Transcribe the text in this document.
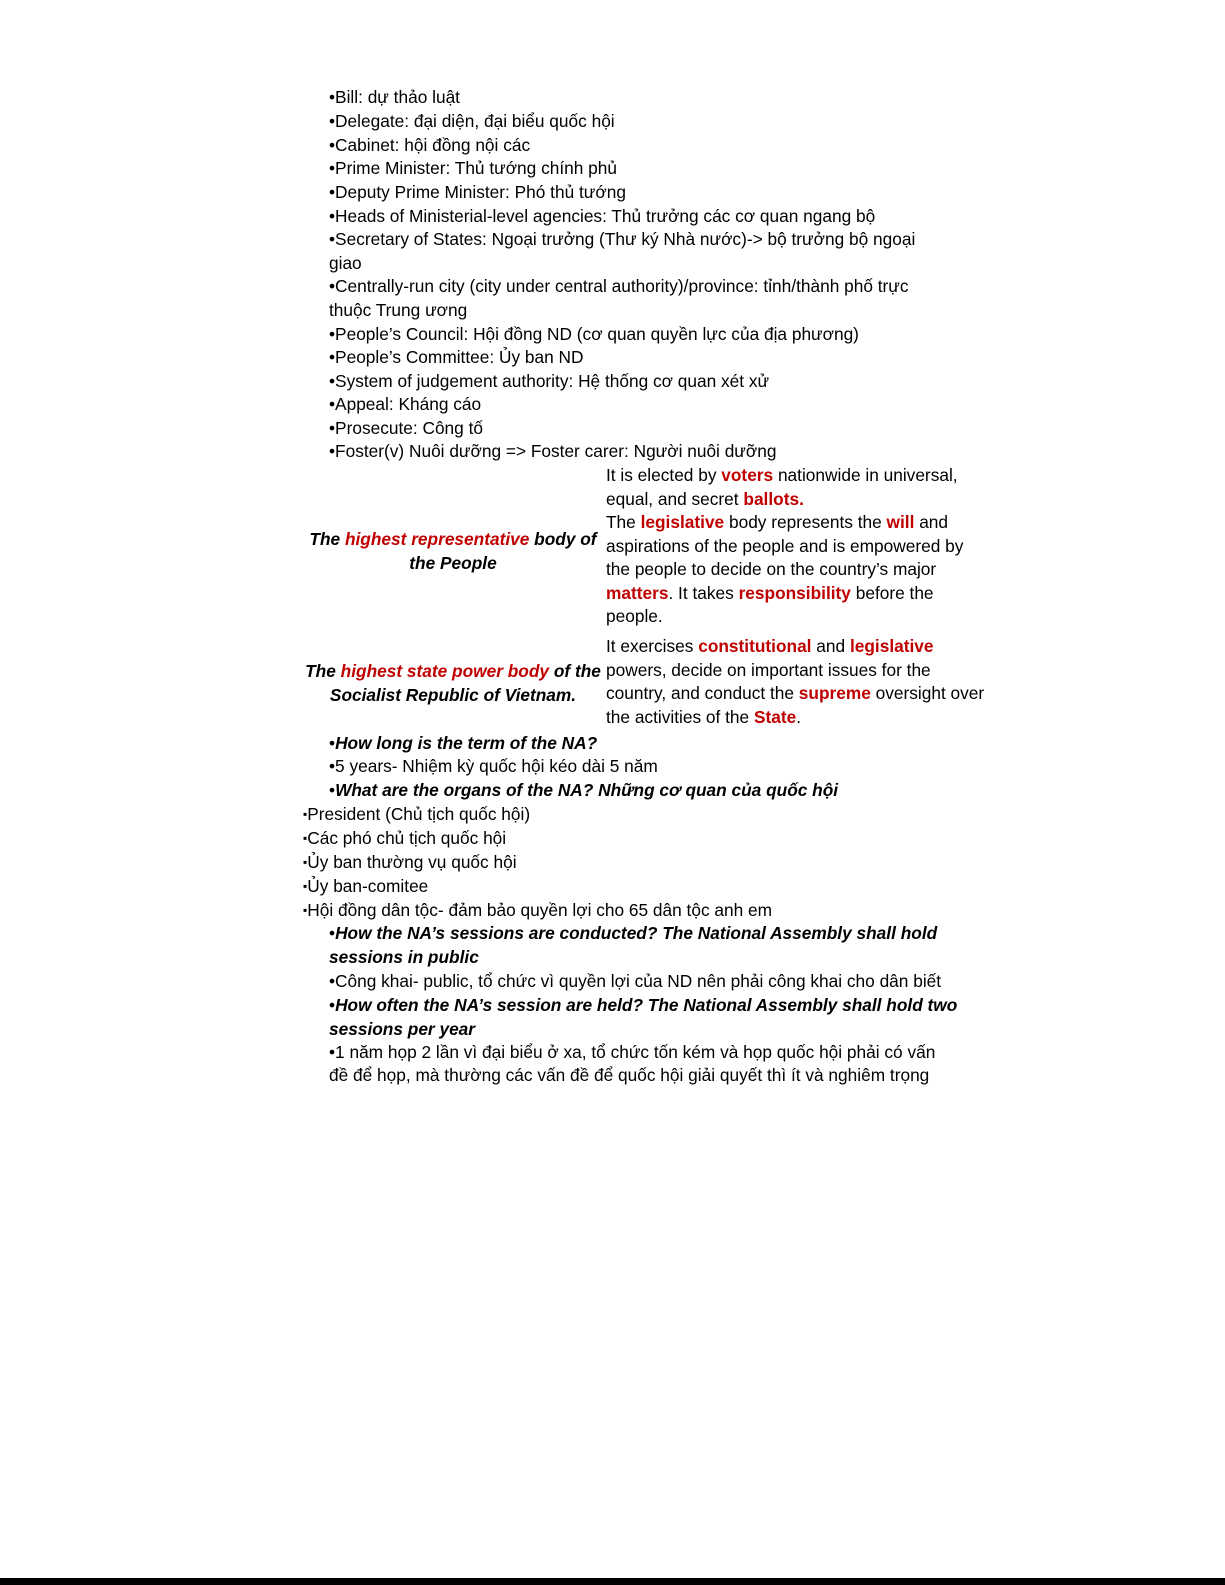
•Bill: dự thảo luật
•Delegate: đại diện, đại biểu quốc hội
•Cabinet: hội đồng nội các
•Prime Minister: Thủ tướng chính phủ
•Deputy Prime Minister: Phó thủ tướng
•Heads of Ministerial-level agencies: Thủ trưởng các cơ quan ngang bộ
•Secretary of States: Ngoại trưởng (Thư ký Nhà nước)-> bộ trưởng bộ ngoại
giao
•Centrally-run city (city under central authority)/province: tỉnh/thành phố trực
thuộc Trung ương
•People’s Council: Hội đồng ND (cơ quan quyền lực của địa phương)
•People’s Committee: Ủy ban ND
•System of judgement authority: Hệ thống cơ quan xét xử
•Appeal: Kháng cáo
•Prosecute: Công tố
•Foster(v) Nuôi dưỡng => Foster carer: Người nuôi dưỡng
The highest representative body of
the People
It is elected by voters nationwide in universal, equal, and secret ballots.
The legislative body represents the will and aspirations of the people and is empowered by the people to decide on the country’s major matters. It takes responsibility before the people.
The highest state power body of the
Socialist Republic of Vietnam.
It exercises constitutional and legislative powers, decide on important issues for the country, and conduct the supreme oversight over the activities of the State.
•How long is the term of the NA?
•5 years- Nhiệm kỳ quốc hội kéo dài 5 năm
•What are the organs of the NA? Những cơ quan của quốc hội
▪President (Chủ tịch quốc hội)
▪Các phó chủ tịch quốc hội
▪Ủy ban thường vụ quốc hội
▪Ủy ban-comitee
▪Hội đồng dân tộc- đảm bảo quyền lợi cho 65 dân tộc anh em
•How the NA’s sessions are conducted? The National Assembly shall hold
sessions in public
•Công khai- public, tổ chức vì quyền lợi của ND nên phải công khai cho dân biết
•How often the NA’s session are held? The National Assembly shall hold two
sessions per year
•1 năm họp 2 lần vì đại biểu ở xa, tổ chức tốn kém và họp quốc hội phải có vấn
đề để họp, mà thường các vấn đề để quốc hội giải quyết thì ít và nghiêm trọng
